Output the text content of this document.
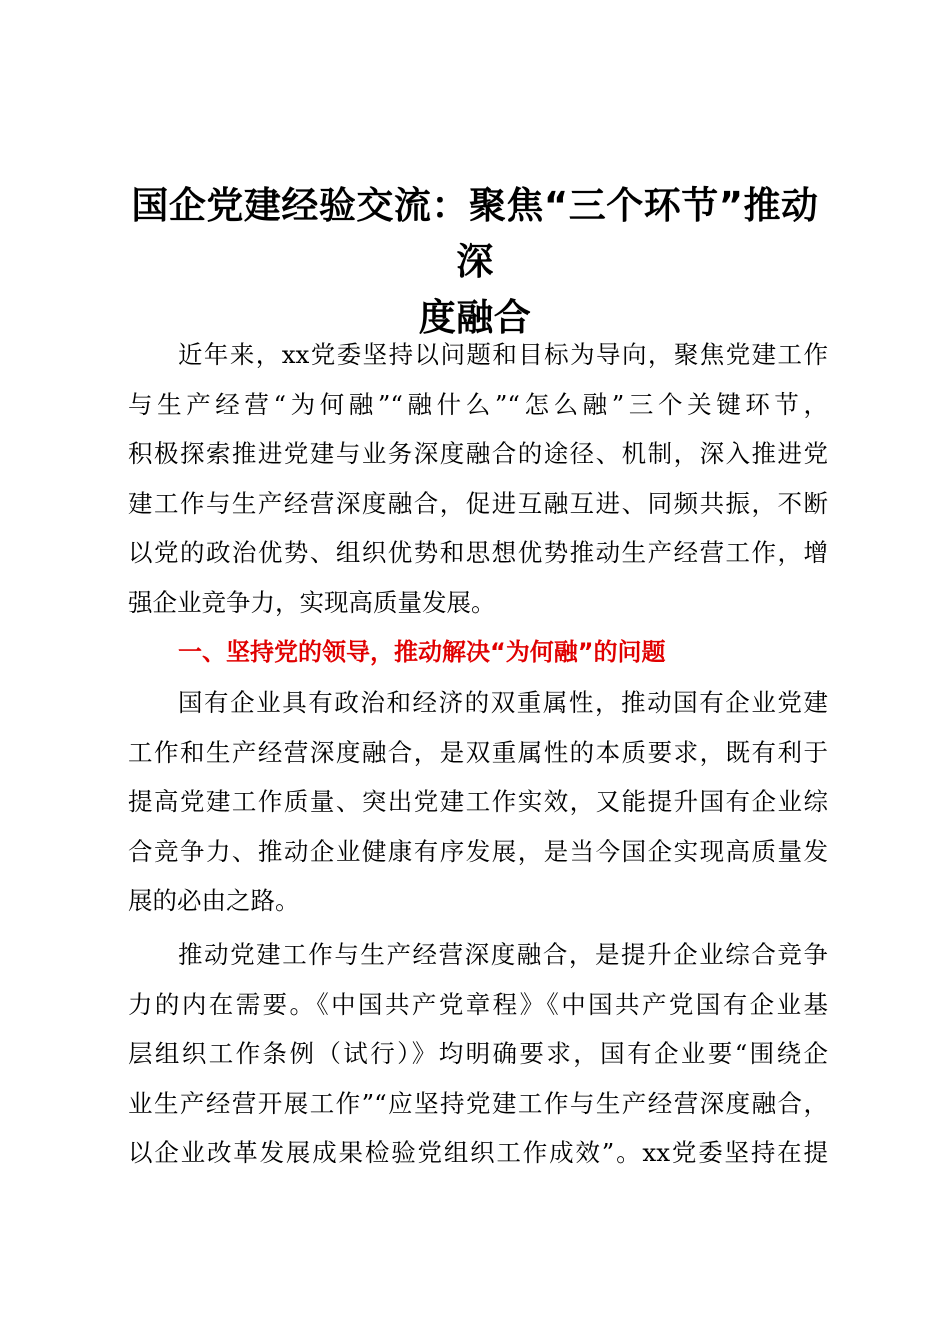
国企党建经验交流：聚焦“三个环节”推动深
度融合
近年来，xx党委坚持以问题和目标为导向，聚焦党建工作
与生产经营“为何融”“融什么”“怎么融”三个关键环节，
积极探索推进党建与业务深度融合的途径、机制，深入推进党
建工作与生产经营深度融合，促进互融互进、同频共振，不断
以党的政治优势、组织优势和思想优势推动生产经营工作，增
强企业竞争力，实现高质量发展。
一、坚持党的领导，推动解决“为何融”的问题
国有企业具有政治和经济的双重属性，推动国有企业党建
工作和生产经营深度融合，是双重属性的本质要求，既有利于
提高党建工作质量、突出党建工作实效，又能提升国有企业综
合竞争力、推动企业健康有序发展，是当今国企实现高质量发
展的必由之路。
推动党建工作与生产经营深度融合，是提升企业综合竞争
力的内在需要。《中国共产党章程》《中国共产党国有企业基
层组织工作条例（试行）》均明确要求，国有企业要“围绕企
业生产经营开展工作”“应坚持党建工作与生产经营深度融合，
以企业改革发展成果检验党组织工作成效”。xx党委坚持在提
